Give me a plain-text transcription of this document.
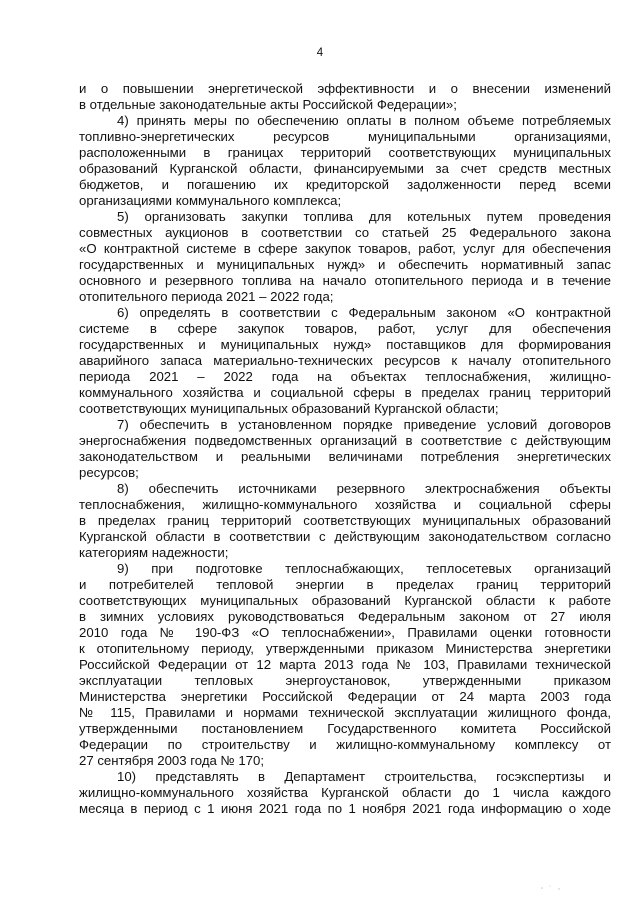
4
и о повышении энергетической эффективности и о внесении изменений
в отдельные законодательные акты Российской Федерации»;
4) принять меры по обеспечению оплаты в полном объеме потребляемых
топливно-энергетических ресурсов муниципальными организациями,
расположенными в границах территорий соответствующих муниципальных
образований Курганской области, финансируемыми за счет средств местных
бюджетов, и погашению их кредиторской задолженности перед всеми
организациями коммунального комплекса;
5) организовать закупки топлива для котельных путем проведения
совместных аукционов в соответствии со статьей 25 Федерального закона
«О контрактной системе в сфере закупок товаров, работ, услуг для обеспечения
государственных и муниципальных нужд» и обеспечить нормативный запас
основного и резервного топлива на начало отопительного периода и в течение
отопительного периода 2021 – 2022 года;
6) определять в соответствии с Федеральным законом «О контрактной
системе в сфере закупок товаров, работ, услуг для обеспечения
государственных и муниципальных нужд» поставщиков для формирования
аварийного запаса материально-технических ресурсов к началу отопительного
периода 2021 – 2022 года на объектах теплоснабжения, жилищно-
коммунального хозяйства и социальной сферы в пределах границ территорий
соответствующих муниципальных образований Курганской области;
7) обеспечить в установленном порядке приведение условий договоров
энергоснабжения подведомственных организаций в соответствие с действующим
законодательством и реальными величинами потребления энергетических
ресурсов;
8) обеспечить источниками резервного электроснабжения объекты
теплоснабжения, жилищно-коммунального хозяйства и социальной сферы
в пределах границ территорий соответствующих муниципальных образований
Курганской области в соответствии с действующим законодательством согласно
категориям надежности;
9) при подготовке теплоснабжающих, теплосетевых организаций
и потребителей тепловой энергии в пределах границ территорий
соответствующих муниципальных образований Курганской области к работе
в зимних условиях руководствоваться Федеральным законом от 27 июля
2010 года № 190-ФЗ «О теплоснабжении», Правилами оценки готовности
к отопительному периоду, утвержденными приказом Министерства энергетики
Российской Федерации от 12 марта 2013 года № 103, Правилами технической
эксплуатации тепловых энергоустановок, утвержденными приказом
Министерства энергетики Российской Федерации от 24 марта 2003 года
№ 115, Правилами и нормами технической эксплуатации жилищного фонда,
утвержденными постановлением Государственного комитета Российской
Федерации по строительству и жилищно-коммунальному комплексу от
27 сентября 2003 года № 170;
10) представлять в Департамент строительства, госэкспертизы и
жилищно-коммунального хозяйства Курганской области до 1 числа каждого
месяца в период с 1 июня 2021 года по 1 ноября 2021 года информацию о ходе
